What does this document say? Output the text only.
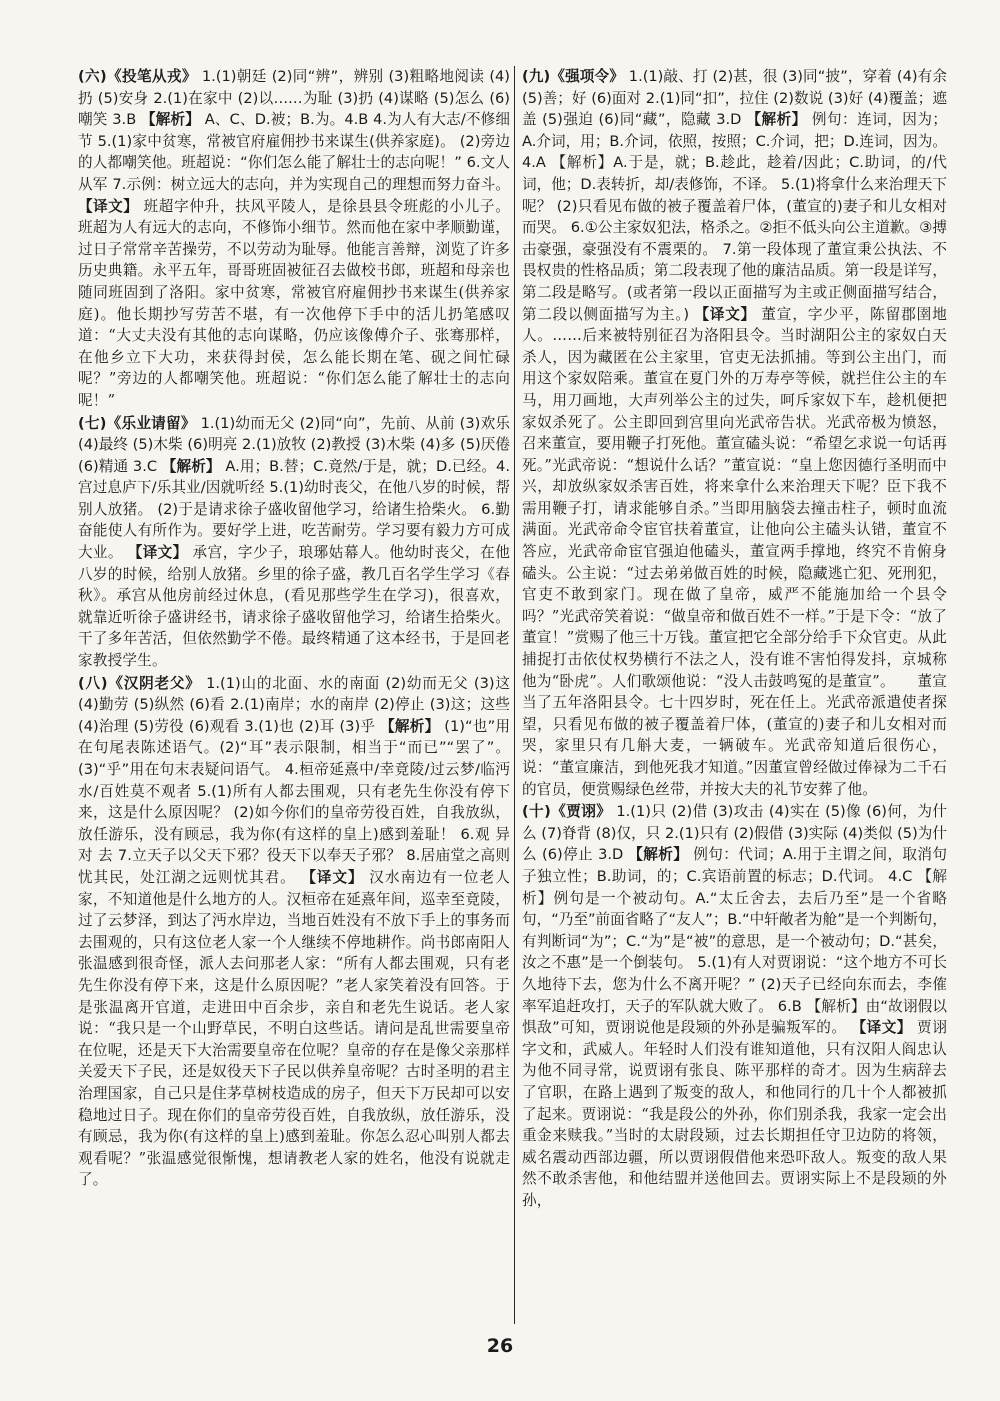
(六)《投笔从戎》 1.(1)朝廷 (2)同“辨”，辨别 (3)粗略地阅读 (4)扔 (5)安身 2.(1)在家中 (2)以……为耻 (3)扔 (4)谋略 (5)怎么 (6)嘲笑 3.B 【解析】 A、C、D.被；B.为。4.B 4.为人有大志/不修细节 5.(1)家中贫寒，常被官府雇佣抄书来谋生(供养家庭)。 (2)旁边的人都嘲笑他。班超说：“你们怎么能了解壮士的志向呢！” 6.文人从军 7.示例：树立远大的志向，并为实现自己的理想而努力奋斗。 【译文】 班超字仲升，扶风平陵人，是徐县县令班彪的小儿子。班超为人有远大的志向，不修饰小细节。然而他在家中孝顺勤谨，过日子常常辛苦操劳，不以劳动为耻辱。他能言善辩，浏览了许多历史典籍。永平五年，哥哥班固被征召去做校书郎，班超和母亲也随同班固到了洛阳。家中贫寒，常被官府雇佣抄书来谋生(供养家庭)。他长期抄写劳苦不堪，有一次他停下手中的活儿扔笔感叹道：“大丈夫没有其他的志向谋略，仍应该像傅介子、张骞那样，在他乡立下大功，来获得封侯，怎么能长期在笔、砚之间忙碌呢？”旁边的人都嘲笑他。班超说：“你们怎么能了解壮士的志向呢！”

(七)《乐业请留》 1.(1)幼而无父 (2)同“向”，先前、从前 (3)欢乐 (4)最终 (5)木柴 (6)明亮 2.(1)放牧 (2)教授 (3)木柴 (4)多 (5)厌倦 (6)精通 3.C 【解析】 A.用；B.替；C.竟然/于是，就；D.已经。4.宫过息庐下/乐其业/因就听经 5.(1)幼时丧父，在他八岁的时候，帮别人放猪。 (2)于是请求徐子盛收留他学习，给诸生拾柴火。 6.勤奋能使人有所作为。要好学上进，吃苦耐劳。学习要有毅力方可成大业。 【译文】 承宫，字少子，琅琊姑幕人。他幼时丧父，在他八岁的时候，给别人放猪。乡里的徐子盛，教几百名学生学习《春秋》。承宫从他房前经过休息，(看见那些学生在学习)，很喜欢，就靠近听徐子盛讲经书，请求徐子盛收留他学习，给诸生拾柴火。干了多年苦活，但依然勤学不倦。最终精通了这本经书，于是回老家教授学生。

(八)《汉阴老父》 1.(1)山的北面、水的南面 (2)幼而无父 (3)这 (4)勤劳 (5)纵然 (6)看 2.(1)南岸；水的南岸 (2)停止 (3)这；这些 (4)治理 (5)劳役 (6)观看 3.(1)也 (2)耳 (3)乎 【解析】 (1)“也”用在句尾表陈述语气。(2)“耳”表示限制，相当于“而已”“罢了”。(3)“乎”用在句末表疑问语气。 4.桓帝延熹中/幸竟陵/过云梦/临沔水/百姓莫不观者 5.(1)所有人都去围观，只有老先生你没有停下来，这是什么原因呢？ (2)如今你们的皇帝劳役百姓，自我放纵，放任游乐，没有顾忌，我为你(有这样的皇上)感到羞耻！ 6.观 异 对 去 7.立天子以父天下邪？役天下以奉天子邪？ 8.居庙堂之高则忧其民，处江湖之远则忧其君。 【译文】 汉水南边有一位老人家，不知道他是什么地方的人。汉桓帝在延熹年间，巡幸至竟陵，过了云梦泽，到达了沔水岸边，当地百姓没有不放下手上的事务而去围观的，只有这位老人家一个人继续不停地耕作。尚书郎南阳人张温感到很奇怪，派人去问那老人家：“所有人都去围观，只有老先生你没有停下来，这是什么原因呢？”老人家笑着没有回答。于是张温离开官道，走进田中百余步，亲自和老先生说话。老人家说：“我只是一个山野草民，不明白这些话。请问是乱世需要皇帝在位呢，还是天下大治需要皇帝在位呢？皇帝的存在是像父亲那样关爱天下子民，还是奴役天下子民以供养皇帝呢？古时圣明的君主治理国家，自己只是住茅草树枝造成的房子，但天下万民却可以安稳地过日子。现在你们的皇帝劳役百姓，自我放纵，放任游乐，没有顾忌，我为你(有这样的皇上)感到羞耻。你怎么忍心叫别人都去观看呢？”张温感觉很惭愧，想请教老人家的姓名，他没有说就走了。

(九)《强项令》 1.(1)敲、打 (2)甚，很 (3)同“披”，穿着 (4)有余 (5)善；好 (6)面对 2.(1)同“扣”，拉住 (2)数说 (3)好 (4)覆盖；遮盖 (5)强迫 (6)同“藏”，隐藏 3.D 【解析】 例句：连词，因为；A.介词，用；B.介词，依照，按照；C.介词，把；D.连词，因为。 4.A 【解析】A.于是，就；B.趁此，趁着/因此；C.助词，的/代词，他；D.表转折，却/表修饰，不译。 5.(1)将拿什么来治理天下呢？ (2)只看见布做的被子覆盖着尸体，(董宣的)妻子和儿女相对而哭。 6.①公主家奴犯法，格杀之。②拒不低头向公主道歉。③搏击豪强，豪强没有不震栗的。 7.第一段体现了董宣秉公执法、不畏权贵的性格品质；第二段表现了他的廉洁品质。第一段是详写，第二段是略写。(或者第一段以正面描写为主或正侧面描写结合，第二段以侧面描写为主。) 【译文】 董宣，字少平，陈留郡圉地人。……后来被特别征召为洛阳县令。当时湖阳公主的家奴白天杀人，因为藏匿在公主家里，官吏无法抓捕。等到公主出门，而用这个家奴陪乘。董宣在夏门外的万寿亭等候，就拦住公主的车马，用刀画地，大声列举公主的过失，呵斥家奴下车，趁机便把家奴杀死了。公主即回到宫里向光武帝告状。光武帝极为愤怒，召来董宣，要用鞭子打死他。董宣磕头说：“希望乞求说一句话再死。”光武帝说：“想说什么话？”董宣说：“皇上您因德行圣明而中兴，却放纵家奴杀害百姓，将来拿什么来治理天下呢？臣下我不需用鞭子打，请求能够自杀。”当即用脑袋去撞击柱子，顿时血流满面。光武帝命令宦官扶着董宣，让他向公主磕头认错，董宣不答应，光武帝命宦官强迫他磕头，董宣两手撑地，终究不肯俯身磕头。公主说：“过去弟弟做百姓的时候，隐藏逃亡犯、死刑犯，官吏不敢到家门。现在做了皇帝，威严不能施加给一个县令吗？”光武帝笑着说：“做皇帝和做百姓不一样。”于是下令：“放了董宣！”赏赐了他三十万钱。董宣把它全部分给手下众官吏。从此捕捉打击依仗权势横行不法之人，没有谁不害怕得发抖，京城称他为“卧虎”。人们歌颂他说：“没人击鼓鸣冤的是董宣”。　　董宣当了五年洛阳县令。七十四岁时，死在任上。光武帝派遣使者探望，只看见布做的被子覆盖着尸体，(董宣的)妻子和儿女相对而哭，家里只有几斛大麦，一辆破车。光武帝知道后很伤心，说：“董宣廉洁，到他死我才知道。”因董宣曾经做过俸禄为二千石的官员，便赏赐绿色丝带，并按大夫的礼节安葬了他。

(十)《贾诩》 1.(1)只 (2)借 (3)攻击 (4)实在 (5)像 (6)何，为什么 (7)脊背 (8)仅，只 2.(1)只有 (2)假借 (3)实际 (4)类似 (5)为什么 (6)停止 3.D 【解析】 例句：代词；A.用于主谓之间，取消句子独立性；B.助词，的；C.宾语前置的标志；D.代词。 4.C 【解析】例句是一个被动句。A.“太丘舍去，去后乃至”是一个省略句，“乃至”前面省略了“友人”；B.“中轩敞者为舱”是一个判断句，有判断词“为”；C.“为”是“被”的意思，是一个被动句；D.“甚矣，汝之不惠”是一个倒装句。 5.(1)有人对贾诩说：“这个地方不可长久地待下去，您为什么不离开呢？” (2)天子已经向东而去，李傕率军追赶攻打，天子的军队就大败了。 6.B 【解析】由“故诩假以惧敌”可知，贾诩说他是段颎的外孙是骗叛军的。 【译文】 贾诩字文和，武威人。年轻时人们没有谁知道他，只有汉阳人阎忠认为他不同寻常，说贾诩有张良、陈平那样的奇才。因为生病辞去了官职，在路上遇到了叛变的敌人，和他同行的几十个人都被抓了起来。贾诩说：“我是段公的外孙，你们别杀我，我家一定会出重金来赎我。”当时的太尉段颎，过去长期担任守卫边防的将领，威名震动西部边疆，所以贾诩假借他来恐吓敌人。叛变的敌人果然不敢杀害他，和他结盟并送他回去。贾诩实际上不是段颎的外孙，

26
